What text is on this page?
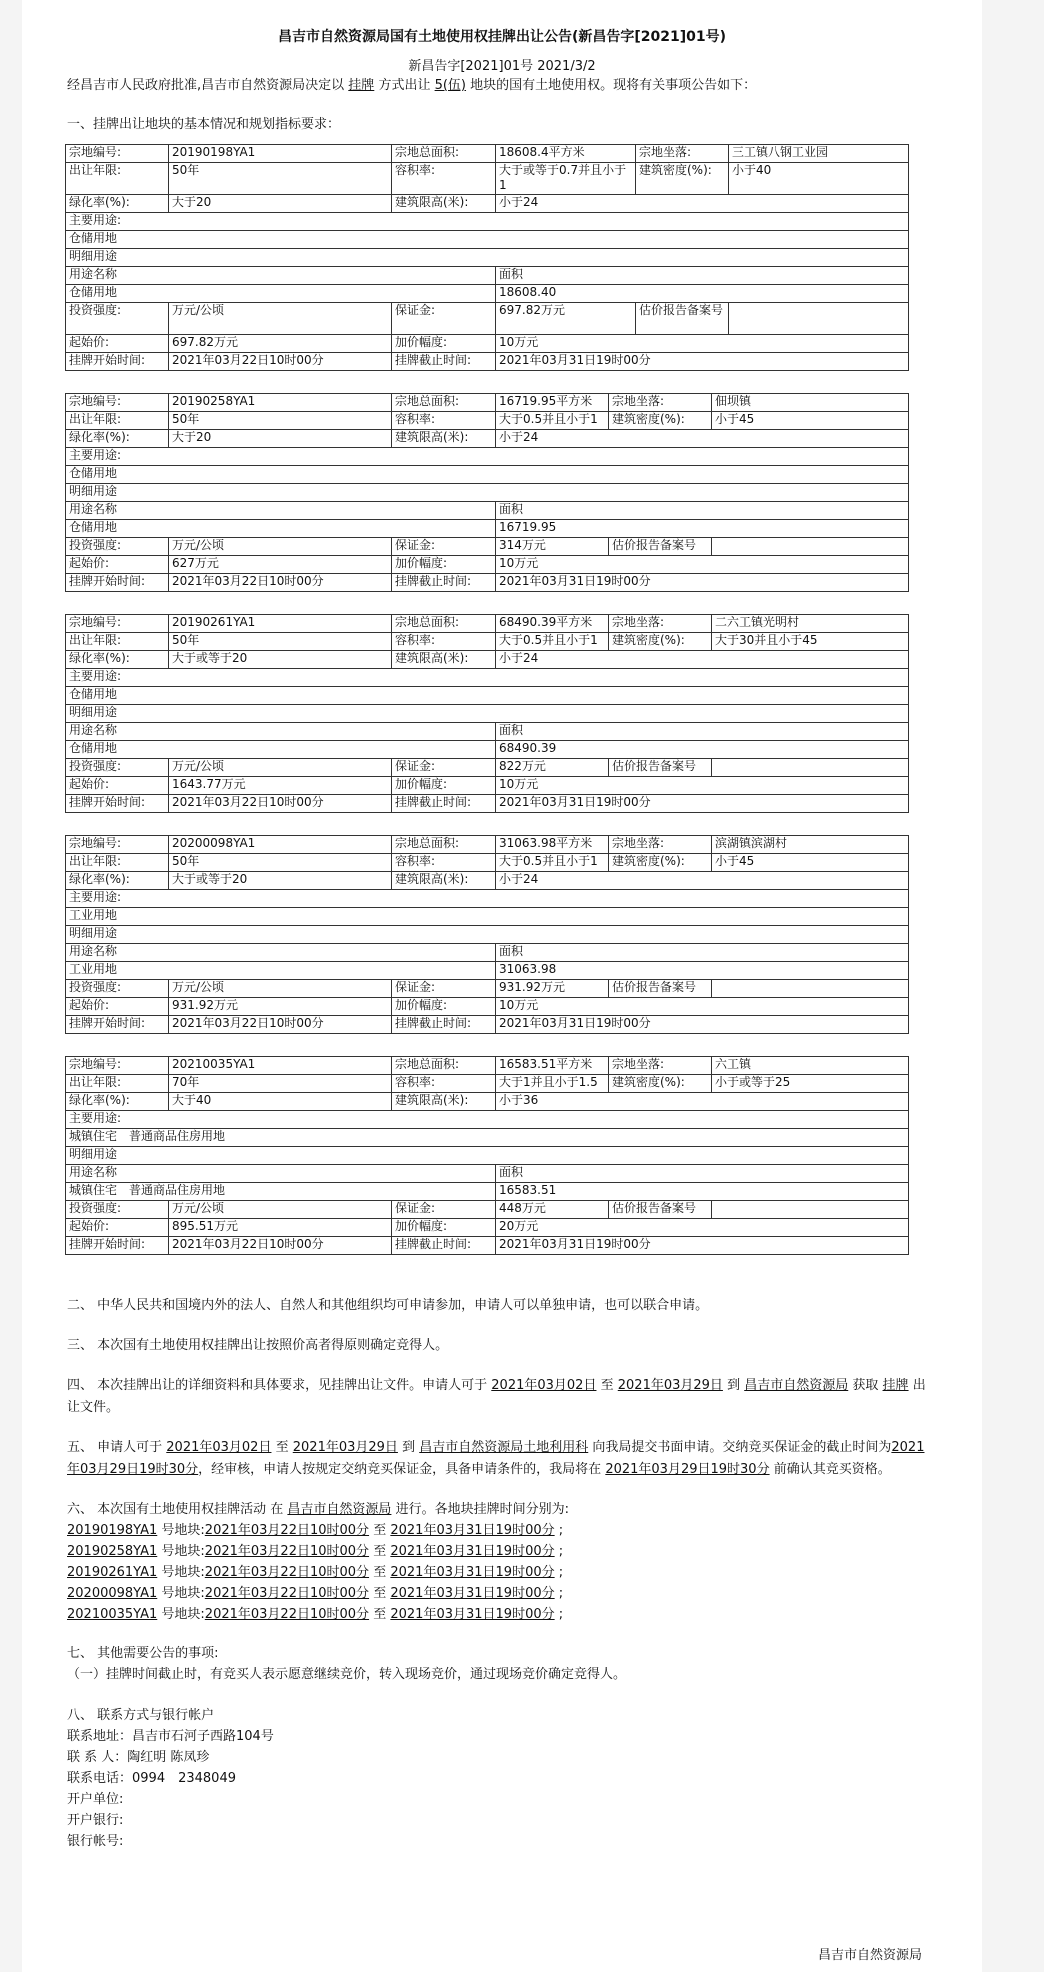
昌吉市自然资源局国有土地使用权挂牌出让公告(新昌告字[2021]01号)
新昌告字[2021]01号 2021/3/2
经昌吉市人民政府批准,昌吉市自然资源局决定以 挂牌 方式出让 5(伍) 地块的国有土地使用权。现将有关事项公告如下：
一、挂牌出让地块的基本情况和规划指标要求：
宗地编号:	20190198YA1	宗地总面积:	18608.4平方米	宗地坐落:	三工镇八钢工业园
出让年限:	50年	容积率:	大于或等于0.7并且小于1	建筑密度(%):	小于40
绿化率(%):	大于20	建筑限高(米):	小于24		
主要用途:					
仓储用地					
明细用途					
用途名称			面积		
仓储用地			18608.40		
投资强度:	万元/公顷	保证金:	697.82万元	估价报告备案号	
起始价:	697.82万元	加价幅度:	10万元		
挂牌开始时间:	2021年03月22日10时00分	挂牌截止时间:	2021年03月31日19时00分		
宗地编号:	20190258YA1	宗地总面积:	16719.95平方米	宗地坐落:	佃坝镇
出让年限:	50年	容积率:	大于0.5并且小于1	建筑密度(%):	小于45
绿化率(%):	大于20	建筑限高(米):	小于24		
主要用途:					
仓储用地					
明细用途					
用途名称			面积		
仓储用地			16719.95		
投资强度:	万元/公顷	保证金:	314万元	估价报告备案号	
起始价:	627万元	加价幅度:	10万元		
挂牌开始时间:	2021年03月22日10时00分	挂牌截止时间:	2021年03月31日19时00分		
宗地编号:	20190261YA1	宗地总面积:	68490.39平方米	宗地坐落:	二六工镇光明村
出让年限:	50年	容积率:	大于0.5并且小于1	建筑密度(%):	大于30并且小于45
绿化率(%):	大于或等于20	建筑限高(米):	小于24		
主要用途:					
仓储用地					
明细用途					
用途名称			面积		
仓储用地			68490.39		
投资强度:	万元/公顷	保证金:	822万元	估价报告备案号	
起始价:	1643.77万元	加价幅度:	10万元		
挂牌开始时间:	2021年03月22日10时00分	挂牌截止时间:	2021年03月31日19时00分		
宗地编号:	20200098YA1	宗地总面积:	31063.98平方米	宗地坐落:	滨湖镇滨湖村
出让年限:	50年	容积率:	大于0.5并且小于1	建筑密度(%):	小于45
绿化率(%):	大于或等于20	建筑限高(米):	小于24		
主要用途:					
工业用地					
明细用途					
用途名称			面积		
工业用地			31063.98		
投资强度:	万元/公顷	保证金:	931.92万元	估价报告备案号	
起始价:	931.92万元	加价幅度:	10万元		
挂牌开始时间:	2021年03月22日10时00分	挂牌截止时间:	2021年03月31日19时00分		
宗地编号:	20210035YA1	宗地总面积:	16583.51平方米	宗地坐落:	六工镇
出让年限:	70年	容积率:	大于1并且小于1.5	建筑密度(%):	小于或等于25
绿化率(%):	大于40	建筑限高(米):	小于36		
主要用途:					
城镇住宅　普通商品住房用地					
明细用途					
用途名称			面积		
城镇住宅　普通商品住房用地			16583.51		
投资强度:	万元/公顷	保证金:	448万元	估价报告备案号	
起始价:	895.51万元	加价幅度:	20万元		
挂牌开始时间:	2021年03月22日10时00分	挂牌截止时间:	2021年03月31日19时00分		
二、 中华人民共和国境内外的法人、自然人和其他组织均可申请参加，申请人可以单独申请，也可以联合申请。
三、 本次国有土地使用权挂牌出让按照价高者得原则确定竞得人。
四、 本次挂牌出让的详细资料和具体要求，见挂牌出让文件。申请人可于 2021年03月02日 至 2021年03月29日 到 昌吉市自然资源局 获取 挂牌 出让文件。
五、 申请人可于 2021年03月02日 至 2021年03月29日 到 昌吉市自然资源局土地利用科 向我局提交书面申请。交纳竞买保证金的截止时间为2021年03月29日19时30分，经审核，申请人按规定交纳竞买保证金，具备申请条件的，我局将在 2021年03月29日19时30分 前确认其竞买资格。
六、 本次国有土地使用权挂牌活动 在 昌吉市自然资源局 进行。各地块挂牌时间分别为:
20190198YA1 号地块:2021年03月22日10时00分 至 2021年03月31日19时00分 ;
20190258YA1 号地块:2021年03月22日10时00分 至 2021年03月31日19时00分 ;
20190261YA1 号地块:2021年03月22日10时00分 至 2021年03月31日19时00分 ;
20200098YA1 号地块:2021年03月22日10时00分 至 2021年03月31日19时00分 ;
20210035YA1 号地块:2021年03月22日10时00分 至 2021年03月31日19时00分 ;
七、 其他需要公告的事项:
（一）挂牌时间截止时，有竞买人表示愿意继续竞价，转入现场竞价，通过现场竞价确定竞得人。
八、 联系方式与银行帐户
联系地址：昌吉市石河子西路104号
联 系 人：陶红明 陈凤珍
联系电话：0994　2348049
开户单位:
开户银行:
银行帐号:
昌吉市自然资源局
